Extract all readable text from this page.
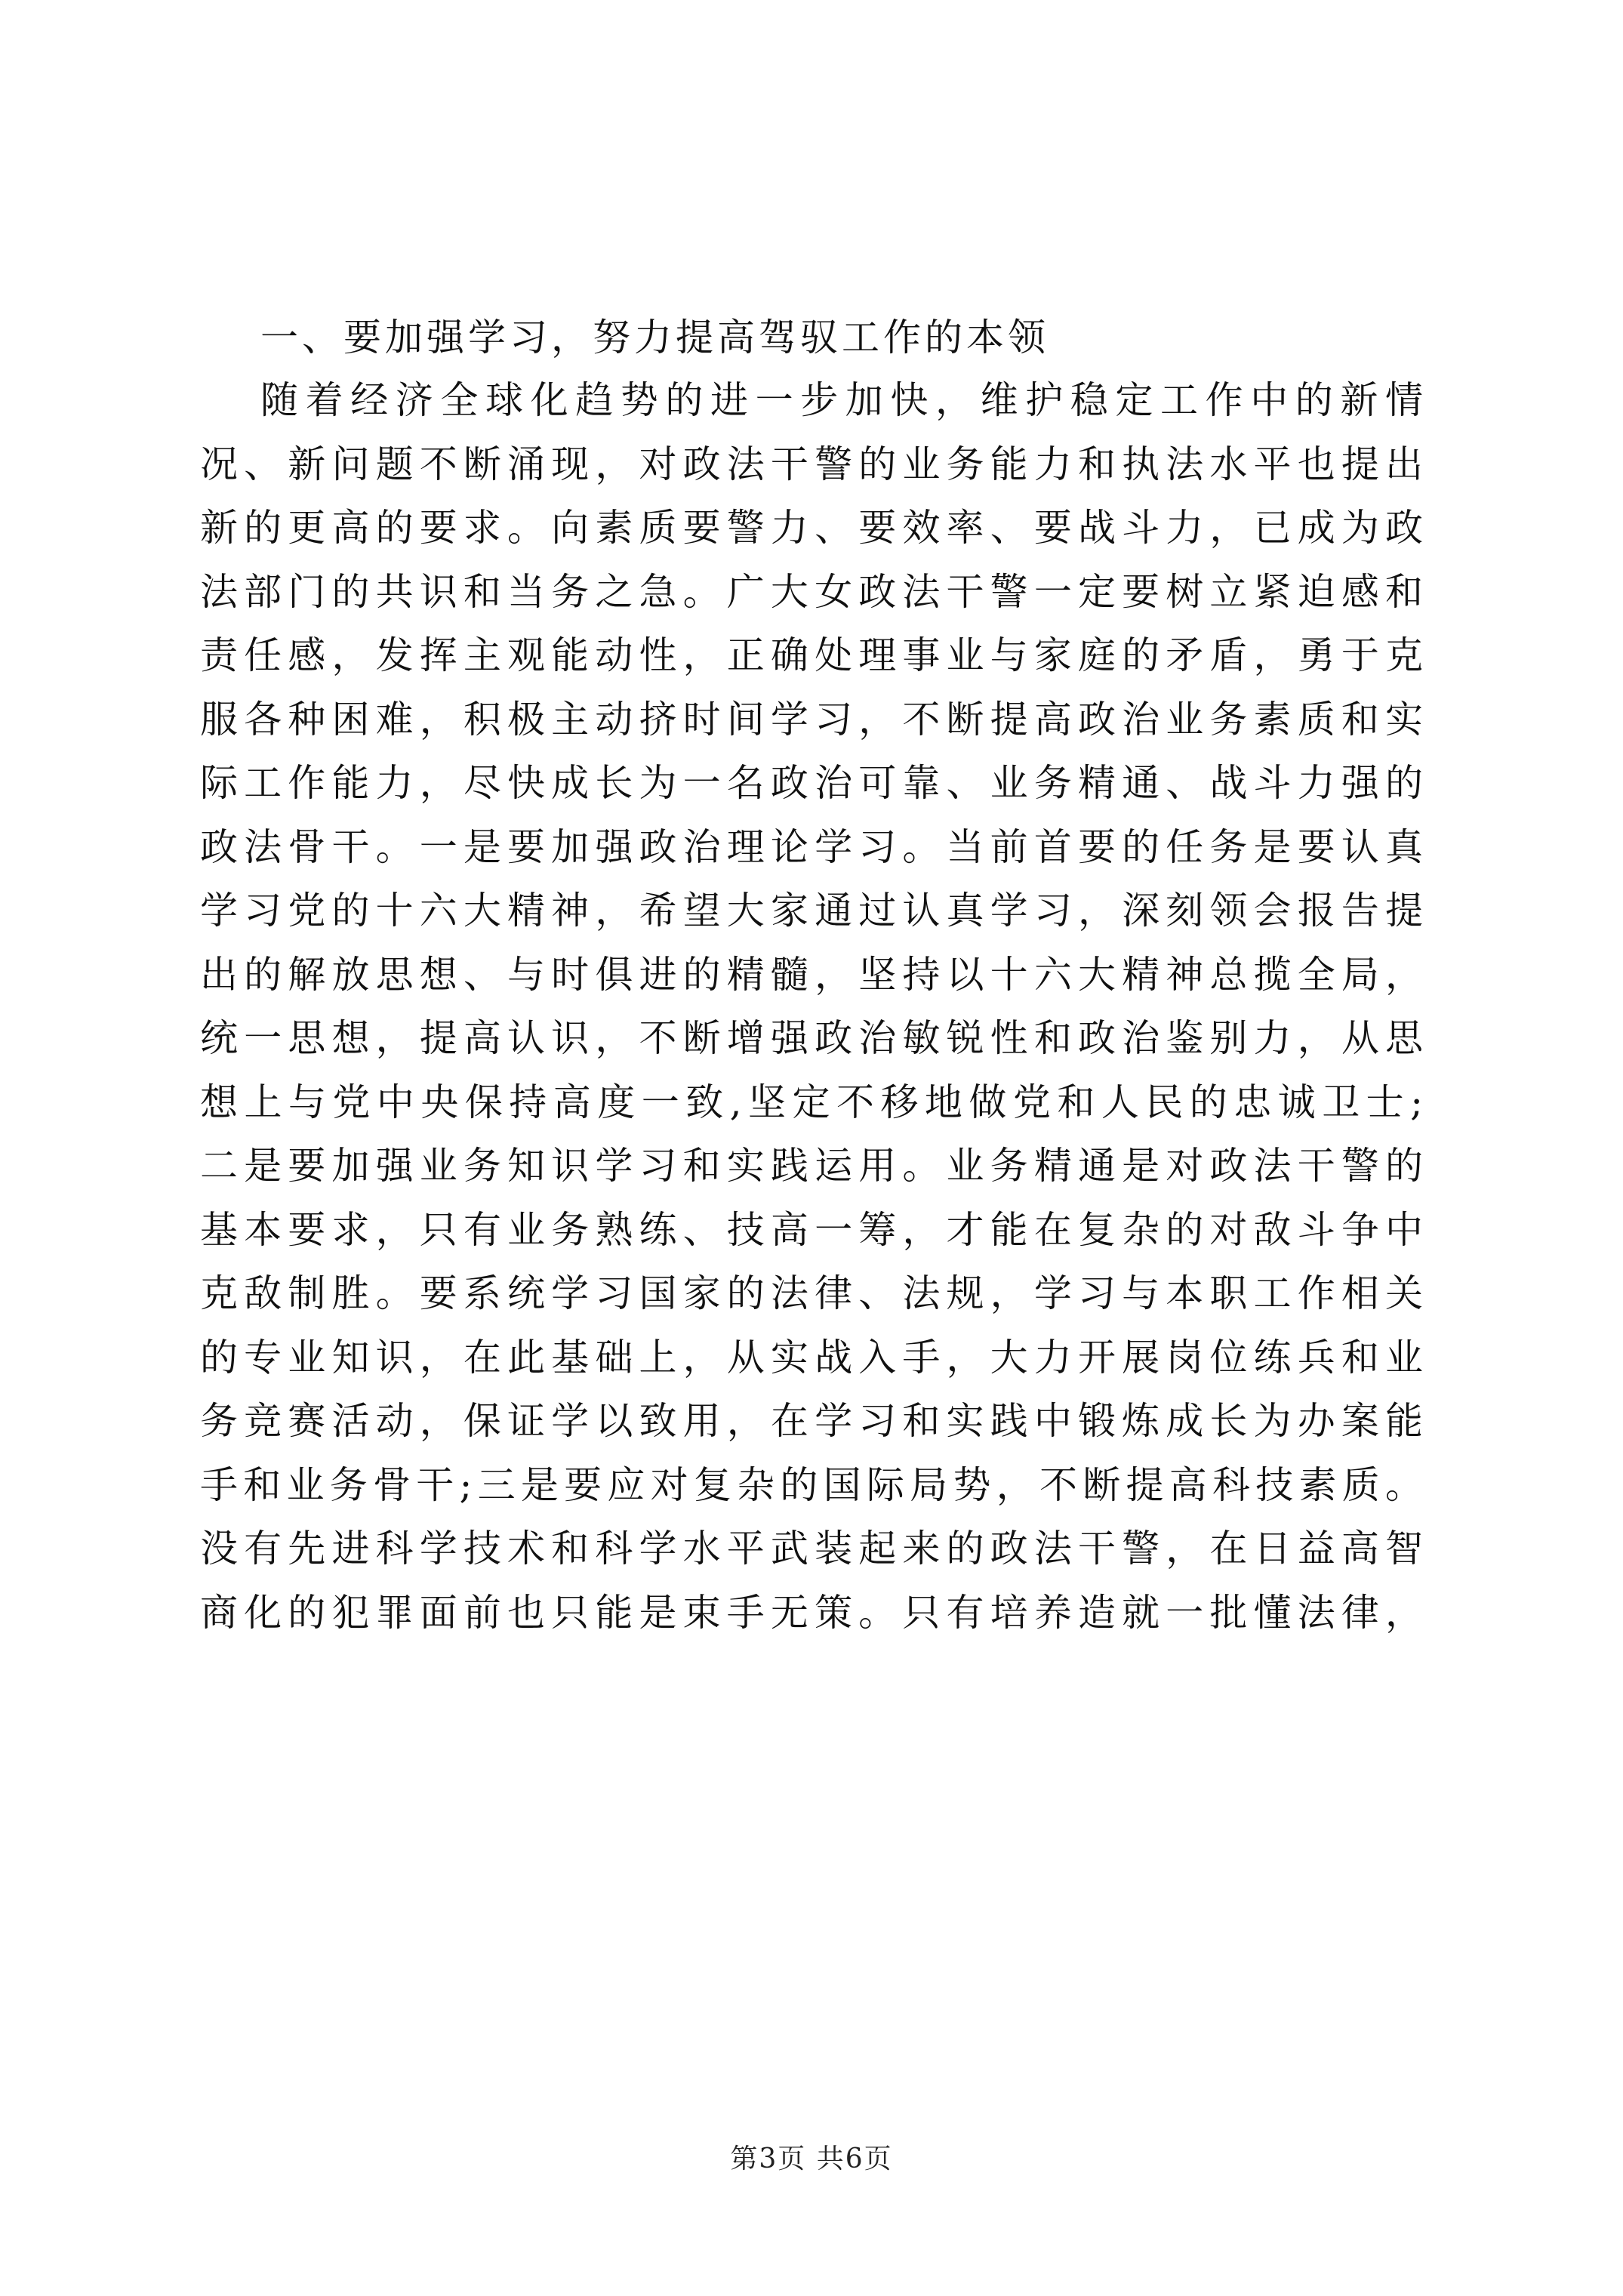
一、要加强学习，努力提高驾驭工作的本领
随着经济全球化趋势的进一步加快，维护稳定工作中的新情
况、新问题不断涌现，对政法干警的业务能力和执法水平也提出
新的更高的要求。向素质要警力、要效率、要战斗力，已成为政
法部门的共识和当务之急。广大女政法干警一定要树立紧迫感和
责任感，发挥主观能动性，正确处理事业与家庭的矛盾，勇于克
服各种困难，积极主动挤时间学习，不断提高政治业务素质和实
际工作能力，尽快成长为一名政治可靠、业务精通、战斗力强的
政法骨干。一是要加强政治理论学习。当前首要的任务是要认真
学习党的十六大精神，希望大家通过认真学习，深刻领会报告提
出的解放思想、与时俱进的精髓，坚持以十六大精神总揽全局，
统一思想，提高认识，不断增强政治敏锐性和政治鉴别力，从思
想上与党中央保持高度一致,坚定不移地做党和人民的忠诚卫士;
二是要加强业务知识学习和实践运用。业务精通是对政法干警的
基本要求，只有业务熟练、技高一筹，才能在复杂的对敌斗争中
克敌制胜。要系统学习国家的法律、法规，学习与本职工作相关
的专业知识，在此基础上，从实战入手，大力开展岗位练兵和业
务竞赛活动，保证学以致用，在学习和实践中锻炼成长为办案能
手和业务骨干;三是要应对复杂的国际局势，不断提高科技素质。
没有先进科学技术和科学水平武装起来的政法干警，在日益高智
商化的犯罪面前也只能是束手无策。只有培养造就一批懂法律，
第3页 共6页
